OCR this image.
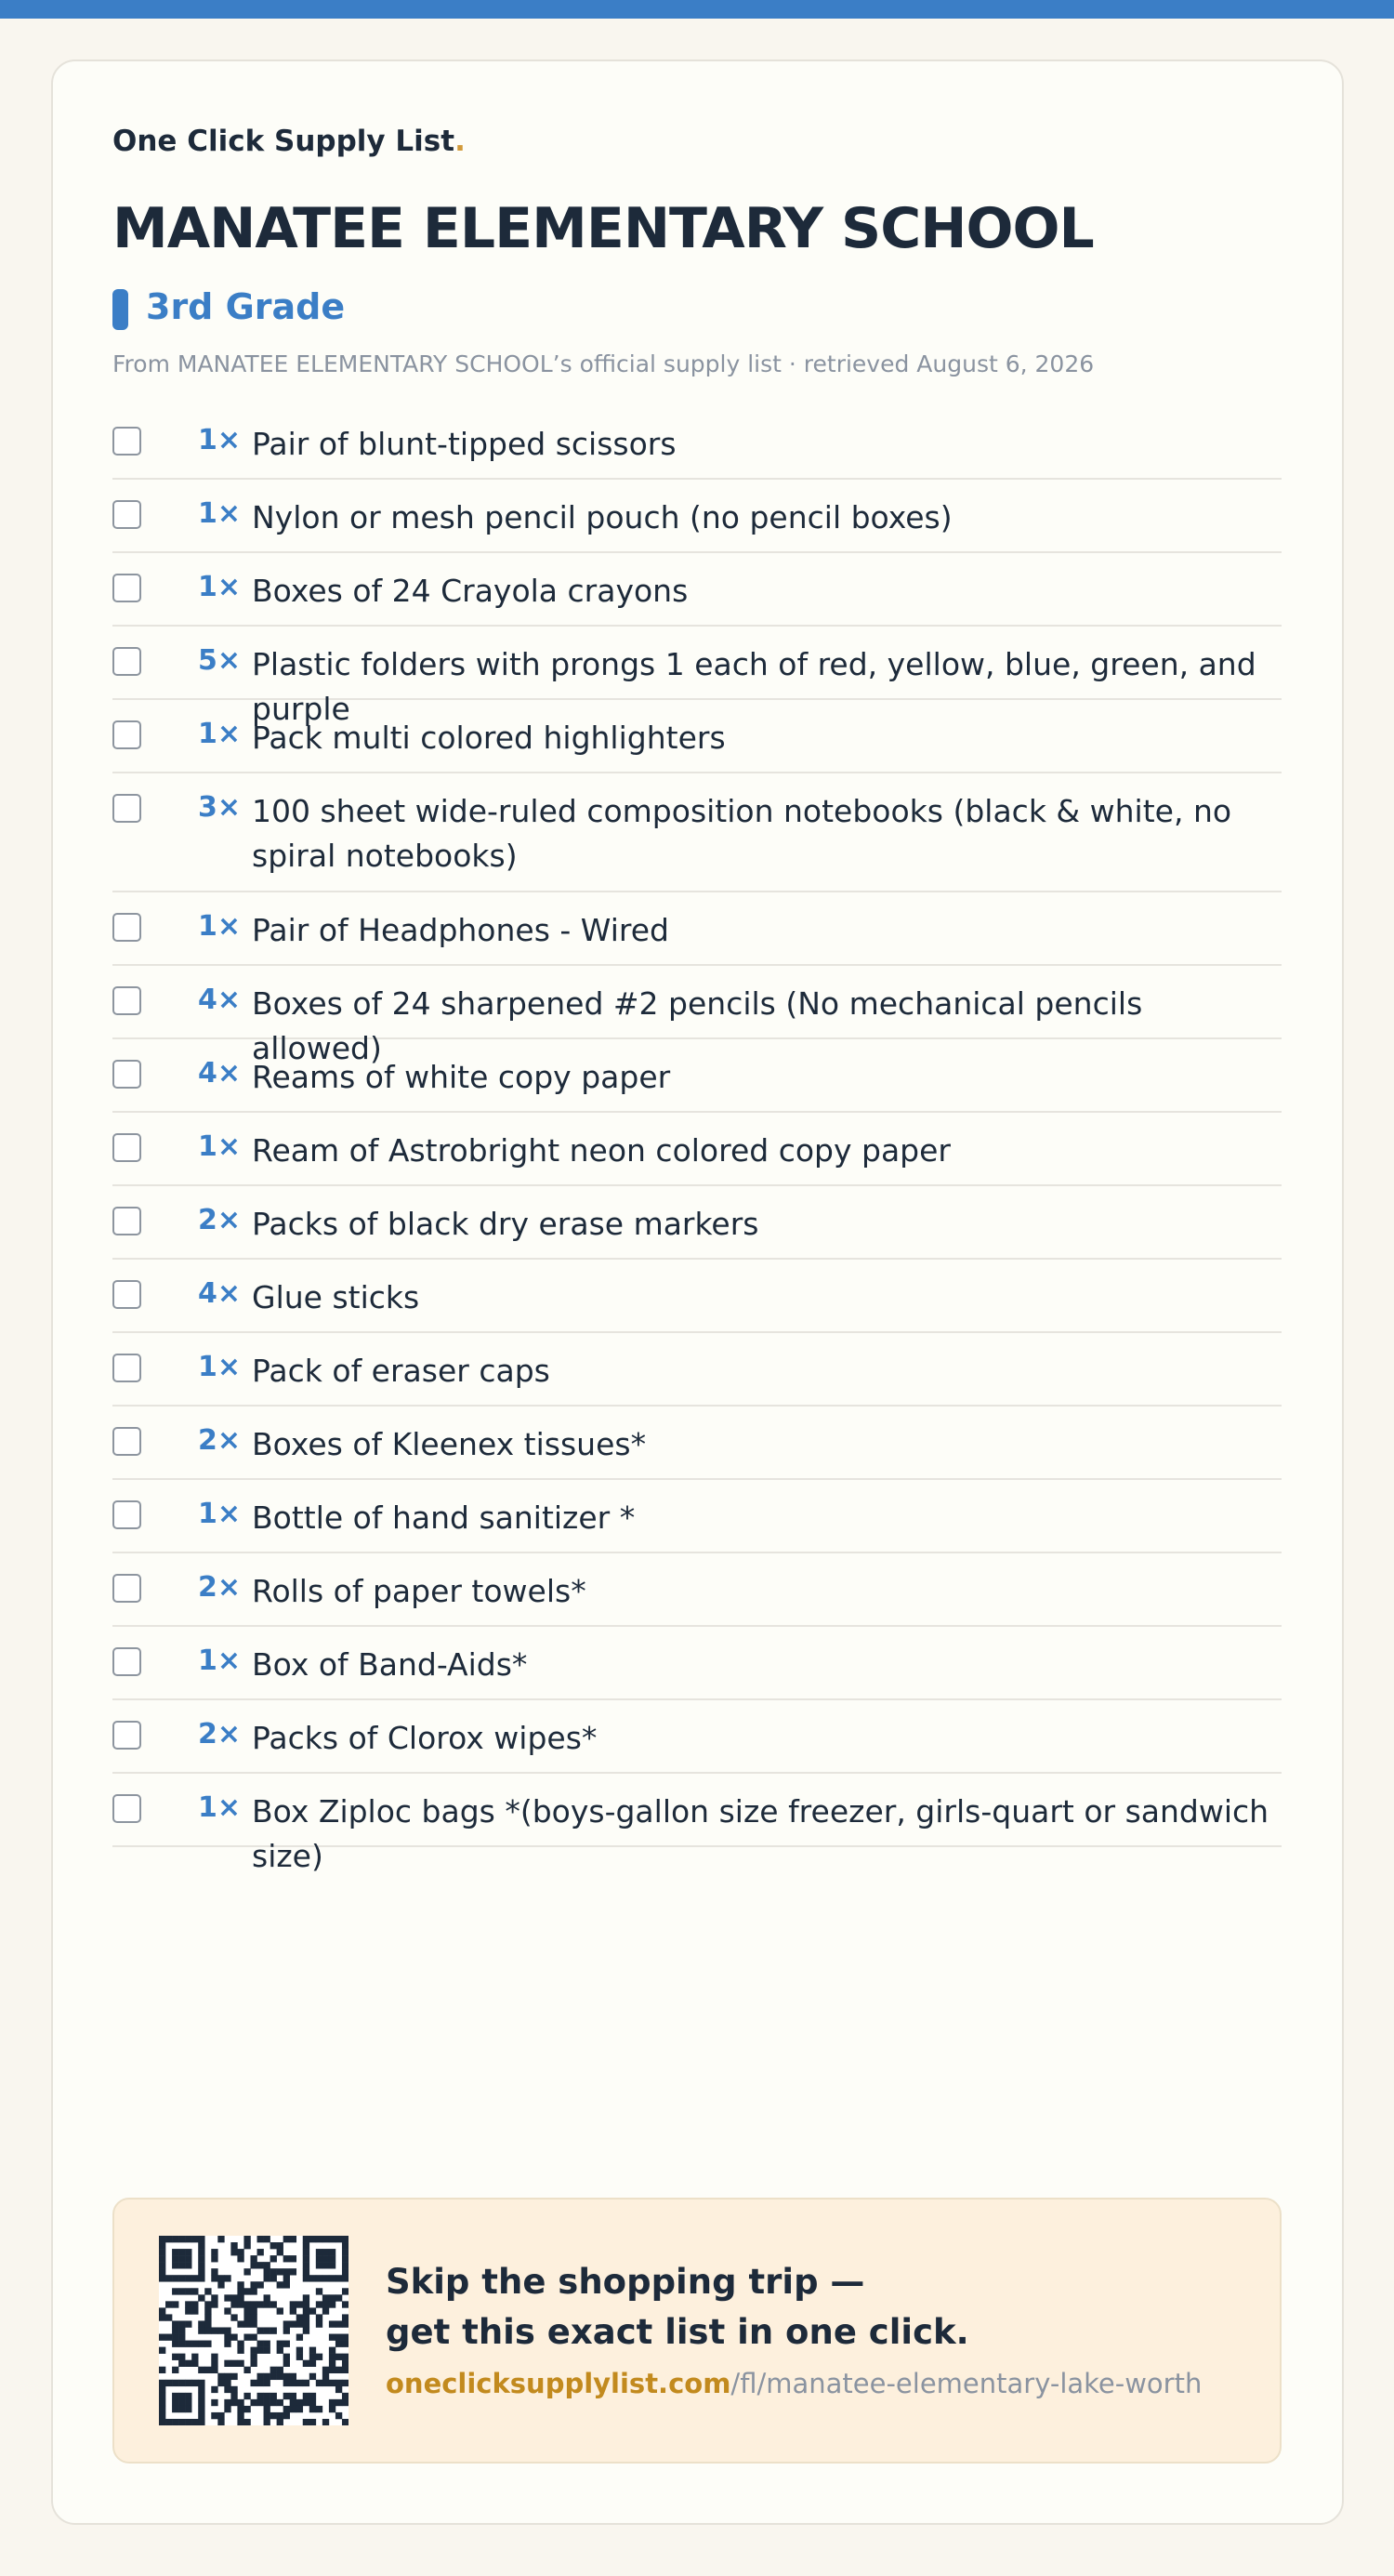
One Click Supply List.
MANATEE ELEMENTARY SCHOOL
3rd Grade
From MANATEE ELEMENTARY SCHOOL’s official supply list · retrieved August 6, 2026
1× Pair of blunt-tipped scissors
1× Nylon or mesh pencil pouch (no pencil boxes)
1× Boxes of 24 Crayola crayons
5× Plastic folders with prongs 1 each of red, yellow, blue, green, and purple
1× Pack multi colored highlighters
3× 100 sheet wide-ruled composition notebooks (black & white, no spiral notebooks)
1× Pair of Headphones - Wired
4× Boxes of 24 sharpened #2 pencils (No mechanical pencils allowed)
4× Reams of white copy paper
1× Ream of Astrobright neon colored copy paper
2× Packs of black dry erase markers
4× Glue sticks
1× Pack of eraser caps
2× Boxes of Kleenex tissues*
1× Bottle of hand sanitizer *
2× Rolls of paper towels*
1× Box of Band-Aids*
2× Packs of Clorox wipes*
1× Box Ziploc bags *(boys-gallon size freezer, girls-quart or sandwich size)
Skip the shopping trip —
get this exact list in one click.
oneclicksupplylist.com/fl/manatee-elementary-lake-worth
